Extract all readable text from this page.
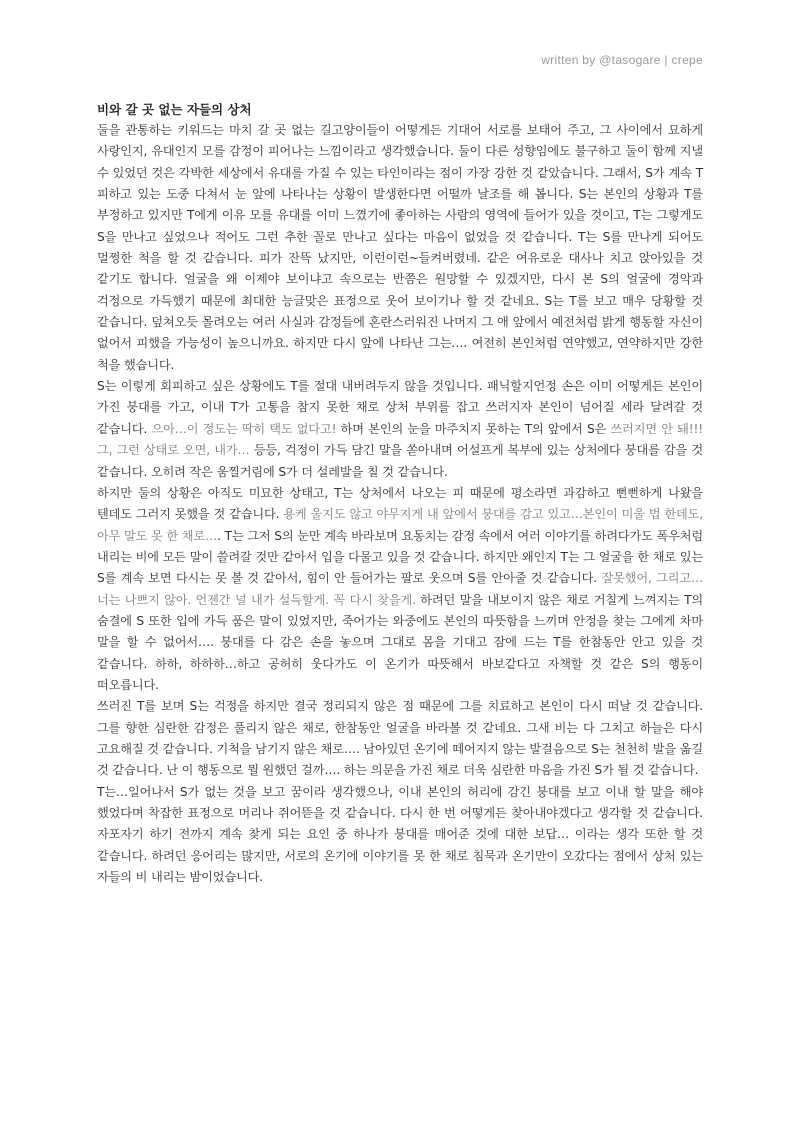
written by @tasogare | crepe
비와 갈 곳 없는 자들의 상처

둘을 관통하는 키워드는 마치 갈 곳 없는 길고양이들이 어떻게든 기대어 서로를 보태어 주고, 그 사이에서 묘하게 사랑인지, 유대인지 모를 감정이 피어나는 느낌이라고 생각했습니다. 둘이 다른 성향임에도 불구하고 둘이 함께 지낼 수 있었던 것은 각박한 세상에서 유대를 가질 수 있는 타인이라는 점이 가장 강한 것 같았습니다. 그래서, S가 계속 T 피하고 있는 도중 다쳐서 눈 앞에 나타나는 상황이 발생한다면 어떨까 날조를 해 봅니다. S는 본인의 상황과 T를 부정하고 있지만 T에게 이유 모를 유대를 이미 느꼈기에 좋아하는 사람의 영역에 들어가 있을 것이고, T는 그렇게도 S을 만나고 싶었으나 적어도 그런 추한 꼴로 만나고 싶다는 마음이 없었을 것 같습니다. T는 S를 만나게 되어도 멀쩡한 척을 할 것 같습니다. 피가 잔뜩 났지만, 이런이런~들켜버렸네. 같은 여유로운 대사나 치고 앉아있을 것 같기도 합니다. 얼굴을 왜 이제야 보이냐고 속으로는 반쯤은 원망할 수 있겠지만, 다시 본 S의 얼굴에 경악과 걱정으로 가득했기 때문에 최대한 능글맞은 표정으로 웃어 보이기나 할 것 같네요. S는 T를 보고 매우 당황할 것 같습니다. 덮쳐오듯 몰려오는 여러 사실과 감정들에 혼란스러워진 나머지 그 애 앞에서 예전처럼 밝게 행동할 자신이 없어서 피했을 가능성이 높으니까요. 하지만 다시 앞에 나타난 그는…. 여전히 본인처럼 연약했고, 연약하지만 강한 척을 했습니다.

S는 이렇게 회피하고 싶은 상황에도 T를 절대 내버려두지 않을 것입니다. 패닉할지언정 손은 이미 어떻게든 본인이 가진 붕대를 가고, 이내 T가 고통을 참지 못한 채로 상처 부위를 잡고 쓰러지자 본인이 넘어질 세라 달려갈 것 같습니다. 으아…이 정도는 딱히 택도 없다고! 하며 본인의 눈을 마주치지 못하는 T의 앞에서 S은 쓰러지면 안 돼!!! 그, 그런 상태로 오면, 내가… 등등, 걱정이 가득 담긴 말을 쏟아내며 어설프게 복부에 있는 상처에다 붕대를 감을 것 같습니다. 오히려 작은 움찔거림에 S가 더 설레발을 칠 것 같습니다.

하지만 둘의 상황은 아직도 미묘한 상태고, T는 상처에서 나오는 피 때문에 평소라면 과감하고 뻔뻔하게 나왔을 텐데도 그러지 못했을 것 같습니다. 용케 울지도 않고 야무지게 내 앞에서 붕대를 감고 있고…본인이 미울 법 한데도, 아무 말도 못 한 채로…. T는 그저 S의 눈만 계속 바라보며 요동치는 감정 속에서 여러 이야기를 하려다가도 폭우처럼 내리는 비에 모든 말이 쓸려갈 것만 같아서 입을 다물고 있을 것 같습니다. 하지만 왜인지 T는 그 얼굴을 한 채로 있는 S를 계속 보면 다시는 못 볼 것 같아서, 힘이 안 들어가는 팔로 웃으며 S를 안아줄 것 같습니다. 잘못했어, 그리고… 너는 나쁘지 않아. 언젠간 널 내가 설득할게. 꼭 다시 찾을게. 하려던 말을 내보이지 않은 채로 거칠게 느껴지는 T의 숨결에 S 또한 입에 가득 품은 말이 있었지만, 죽어가는 와중에도 본인의 따뜻함을 느끼며 안정을 찾는 그에게 차마 말을 할 수 없어서…. 붕대를 다 감은 손을 놓으며 그대로 몸을 기대고 잠에 드는 T를 한참동안 안고 있을 것 같습니다. 하하, 하하하…하고 공허히 웃다가도 이 온기가 따뜻해서 바보같다고 자책할 것 같은 S의 행동이 떠오릅니다.

쓰러진 T를 보며 S는 걱정을 하지만 결국 정리되지 않은 점 때문에 그를 치료하고 본인이 다시 떠날 것 같습니다. 그를 향한 심란한 감정은 풀리지 않은 채로, 한참동안 얼굴을 바라볼 것 같네요. 그새 비는 다 그치고 하늘은 다시 고요해질 것 같습니다. 기척을 남기지 않은 채로…. 남아있던 온기에 떼어지지 않는 발걸음으로 S는 천천히 발을 옮길 것 같습니다. 난 이 행동으로 뭘 원했던 걸까…. 하는 의문을 가진 채로 더욱 심란한 마음을 가진 S가 될 것 같습니다.

T는…일어나서 S가 없는 것을 보고 꿈이라 생각했으나, 이내 본인의 허리에 감긴 붕대를 보고 이내 할 말을 해야 했었다며 착잡한 표정으로 머리나 쥐어뜯을 것 같습니다. 다시 한 번 어떻게든 찾아내야겠다고 생각할 것 같습니다. 자포자기 하기 전까지 계속 찾게 되는 요인 중 하나가 붕대를 매어준 것에 대한 보답… 이라는 생각 또한 할 것 같습니다. 하려던 응어리는 많지만, 서로의 온기에 이야기를 못 한 채로 침묵과 온기만이 오갔다는 점에서 상처 있는 자들의 비 내리는 밤이었습니다.
